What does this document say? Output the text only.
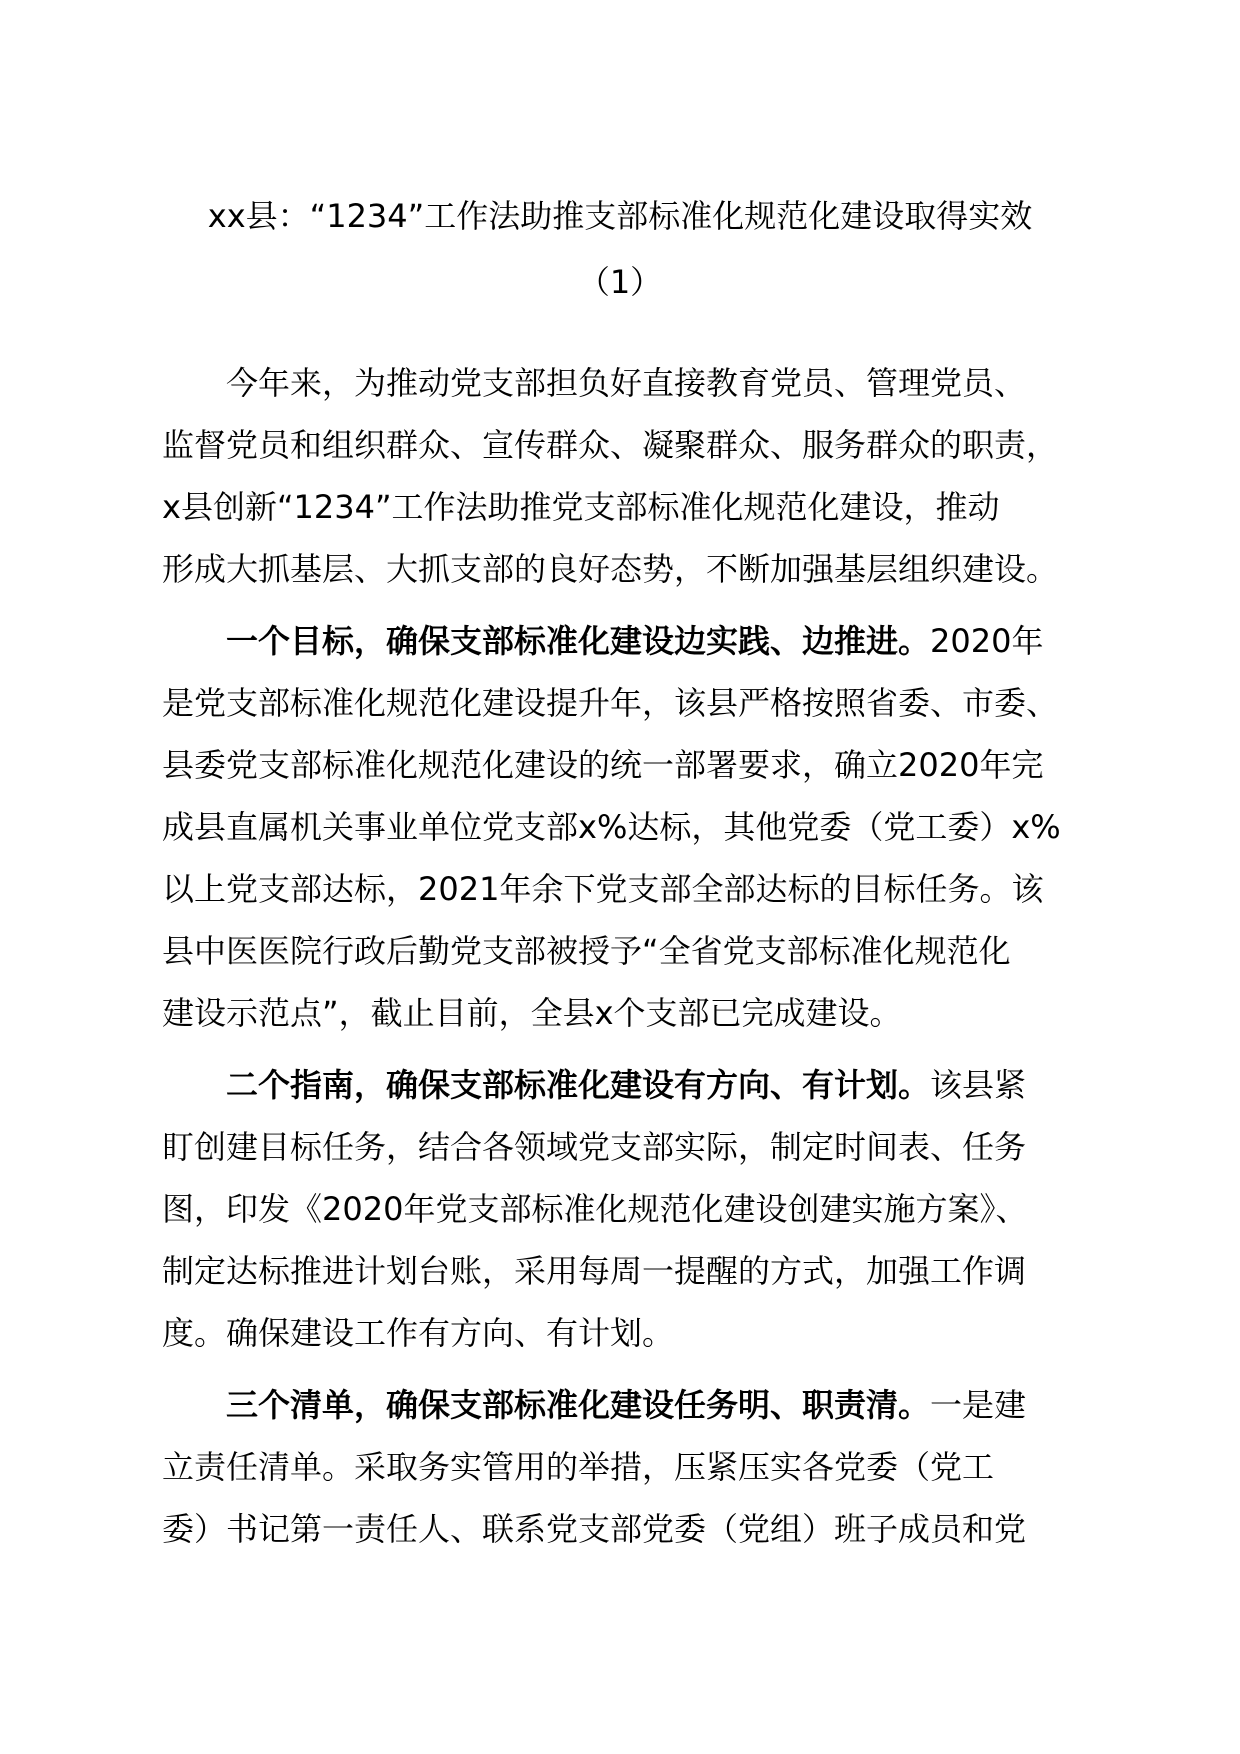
xx县：“1234”工作法助推支部标准化规范化建设取得实效

（1）

今年来，为推动党支部担负好直接教育党员、管理党员、
监督党员和组织群众、宣传群众、凝聚群众、服务群众的职责，
x县创新“1234”工作法助推党支部标准化规范化建设，推动
形成大抓基层、大抓支部的良好态势，不断加强基层组织建设。

一个目标，确保支部标准化建设边实践、边推进。2020年
是党支部标准化规范化建设提升年，该县严格按照省委、市委、
县委党支部标准化规范化建设的统一部署要求，确立2020年完
成县直属机关事业单位党支部x%达标，其他党委（党工委）x%
以上党支部达标，2021年余下党支部全部达标的目标任务。该
县中医医院行政后勤党支部被授予“全省党支部标准化规范化
建设示范点”，截止目前，全县x个支部已完成建设。

二个指南，确保支部标准化建设有方向、有计划。该县紧
盯创建目标任务，结合各领域党支部实际，制定时间表、任务
图，印发《2020年党支部标准化规范化建设创建实施方案》、
制定达标推进计划台账，采用每周一提醒的方式，加强工作调
度。确保建设工作有方向、有计划。

三个清单，确保支部标准化建设任务明、职责清。一是建
立责任清单。采取务实管用的举措，压紧压实各党委（党工
委）书记第一责任人、联系党支部党委（党组）班子成员和党
